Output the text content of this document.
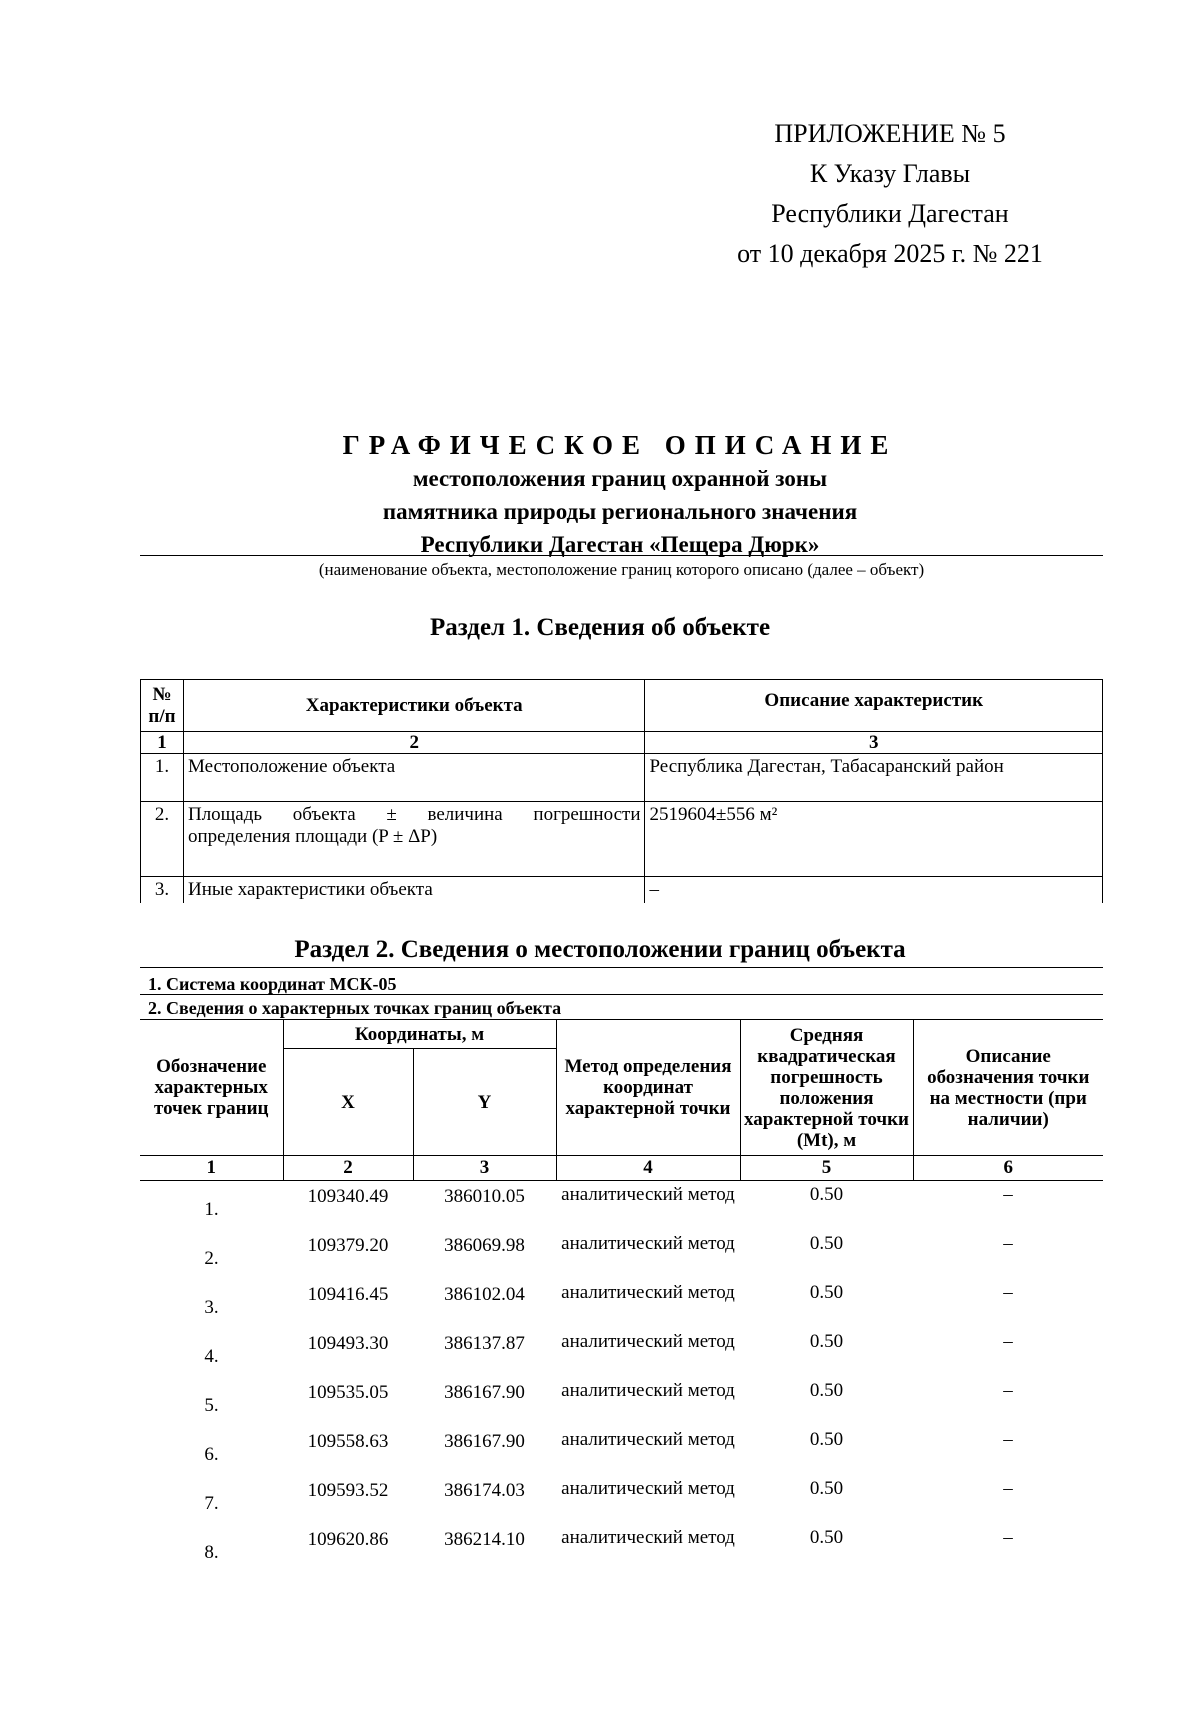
ПРИЛОЖЕНИЕ № 5
К Указу Главы
Республики Дагестан
от 10 декабря 2025 г. № 221
ГРАФИЧЕСКОЕ ОПИСАНИЕ
местоположения границ охранной зоны
памятника природы регионального значения
Республики Дагестан «Пещера Дюрк»
(наименование объекта, местоположение границ которого описано (далее – объект)
Раздел 1. Сведения об объекте
№ п/п	Характеристики объекта	Описание характеристик
1	2	3
1.	Местоположение объекта	Республика Дагестан, Табасаранский район
2.	Площадь объекта ± величина погрешности определения площади (P ± ΔP)	2519604±556 м²
3.	Иные характеристики объекта	–
Раздел 2. Сведения о местоположении границ объекта
1. Система координат МСК-05
2. Сведения о характерных точках границ объекта
Обозначение характерных точек границ	Координаты, м		Метод определения координат характерной точки	Средняя квадратическая погрешность положения характерной точки (Mt), м	Описание обозначения точки на местности (при наличии)
	X	Y			
1	2	3	4	5	6
1.	109340.49	386010.05	аналитический метод	0.50	–
2.	109379.20	386069.98	аналитический метод	0.50	–
3.	109416.45	386102.04	аналитический метод	0.50	–
4.	109493.30	386137.87	аналитический метод	0.50	–
5.	109535.05	386167.90	аналитический метод	0.50	–
6.	109558.63	386167.90	аналитический метод	0.50	–
7.	109593.52	386174.03	аналитический метод	0.50	–
8.	109620.86	386214.10	аналитический метод	0.50	–
